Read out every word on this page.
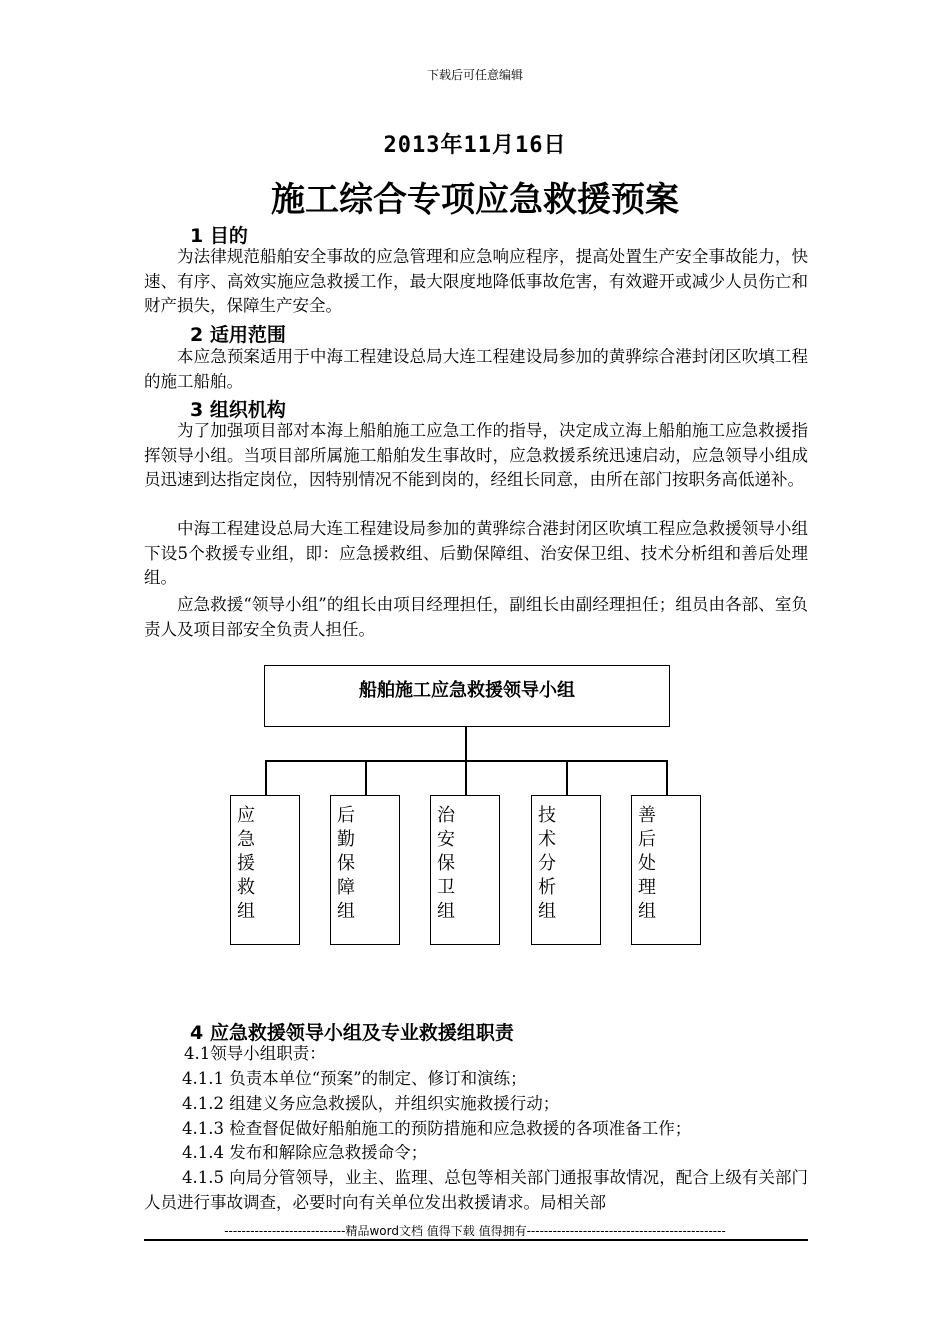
下载后可任意编辑
2013年11月16日
施工综合专项应急救援预案
1 目的

为法律规范船舶安全事故的应急管理和应急响应程序，提高处置生产安全事故能力，快速、有序、高效实施应急救援工作，最大限度地降低事故危害，有效避开或减少人员伤亡和财产损失，保障生产安全。

2 适用范围

本应急预案适用于中海工程建设总局大连工程建设局参加的黄骅综合港封闭区吹填工程的施工船舶。

3 组织机构

为了加强项目部对本海上船舶施工应急工作的指导，决定成立海上船舶施工应急救援指挥领导小组。当项目部所属施工船舶发生事故时，应急救援系统迅速启动，应急领导小组成员迅速到达指定岗位，因特别情况不能到岗的，经组长同意，由所在部门按职务高低递补。

中海工程建设总局大连工程建设局参加的黄骅综合港封闭区吹填工程应急救援领导小组下设5个救援专业组，即：应急援救组、后勤保障组、治安保卫组、技术分析组和善后处理组。

应急救援“领导小组”的组长由项目经理担任，副组长由副经理担任；组员由各部、室负责人及项目部安全负责人担任。

船舶施工应急救援领导小组
应急援救组
后勤保障组
治安保卫组
技术分析组
善后处理组
4 应急救援领导小组及专业救援组职责

4.1领导小组职责：

4.1.1 负责本单位“预案”的制定、修订和演练；

4.1.2 组建义务应急救援队，并组织实施救援行动；

4.1.3 检查督促做好船舶施工的预防措施和应急救援的各项准备工作；

4.1.4 发布和解除应急救援命令；

4.1.5 向局分管领导，业主、监理、总包等相关部门通报事故情况，配合上级有关部门人员进行事故调查，必要时向有关单位发出救援请求。局相关部

----------------------------精品word文档 值得下载 值得拥有----------------------------------------------
